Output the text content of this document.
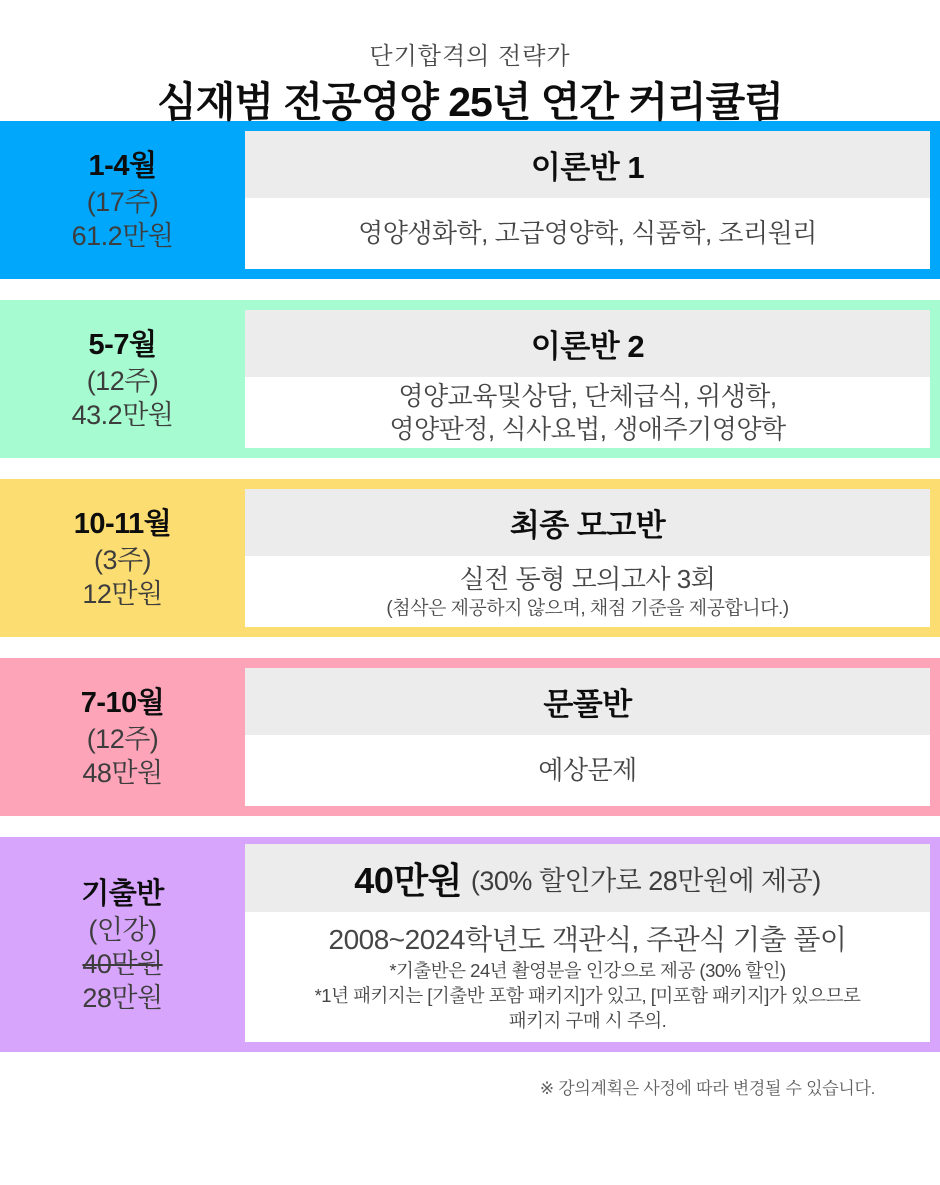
단기합격의 전략가
심재범 전공영양 25년 연간 커리큘럼
1-4월
(17주)
61.2만원
이론반 1
영양생화학, 고급영양학, 식품학, 조리원리
5-7월
(12주)
43.2만원
이론반 2
영양교육및상담, 단체급식, 위생학,
영양판정, 식사요법, 생애주기영양학
10-11월
(3주)
12만원
최종 모고반
실전 동형 모의고사 3회
(첨삭은 제공하지 않으며, 채점 기준을 제공합니다.)
7-10월
(12주)
48만원
문풀반
예상문제
기출반
(인강)
40만원
28만원
40만원 (30% 할인가로 28만원에 제공)
2008~2024학년도 객관식, 주관식 기출 풀이
*기출반은 24년 촬영분을 인강으로 제공 (30% 할인)
*1년 패키지는 [기출반 포함 패키지]가 있고, [미포함 패키지]가 있으므로
패키지 구매 시 주의.
※ 강의계획은 사정에 따라 변경될 수 있습니다.
